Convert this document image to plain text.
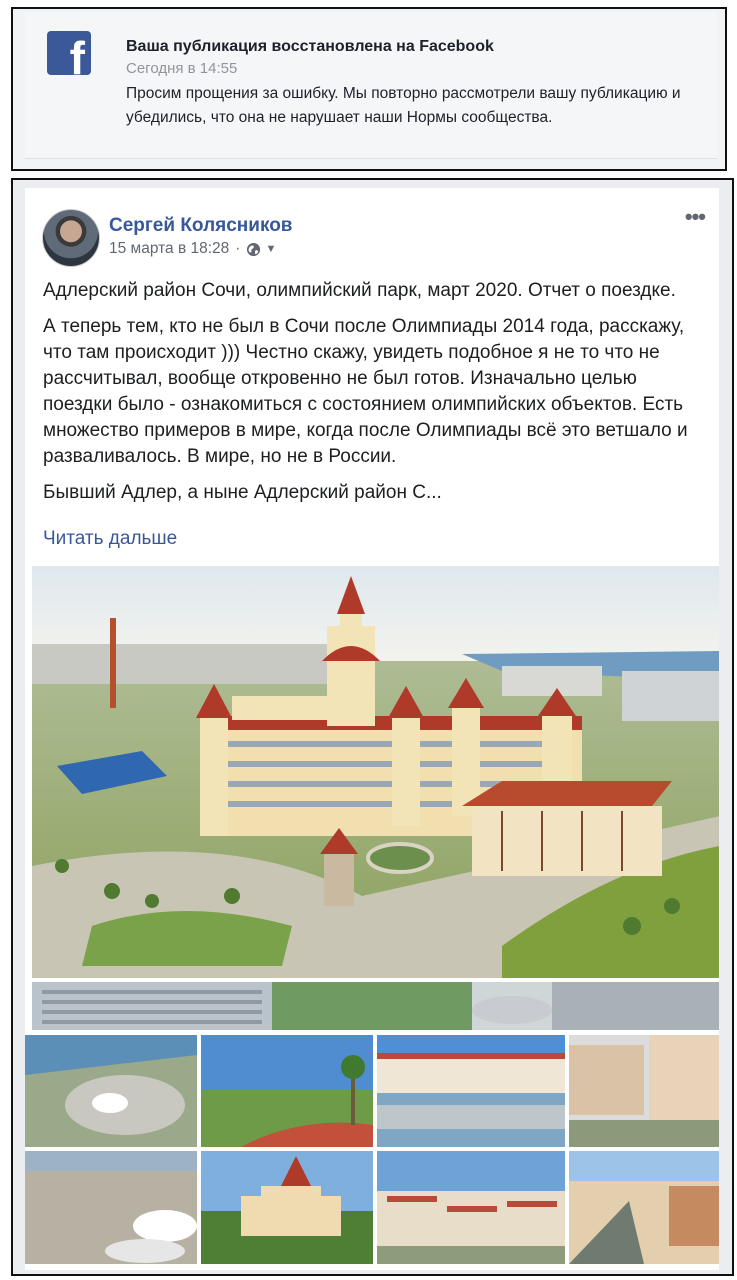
f	Ваша публикация восстановлена на Facebook
Сегодня в 14:55
Просим прощения за ошибку. Мы повторно рассмотрели вашу публикацию и убедились, что она не нарушает наши Нормы сообщества.
Сергей Колясников
15 марта в 18:28 · ▼
•••

Адлерский район Сочи, олимпийский парк, март 2020. Отчет о поездке.

А теперь тем, кто не был в Сочи после Олимпиады 2014 года, расскажу, что там происходит ))) Честно скажу, увидеть подобное я не то что не рассчитывал, вообще откровенно не был готов. Изначально целью поездки было - ознакомиться с состоянием олимпийских объектов. Есть множество примеров в мире, когда после Олимпиады всё это ветшало и разваливалось. В мире, но не в России.

Бывший Адлер, а ныне Адлерский район С...

Читать дальше
